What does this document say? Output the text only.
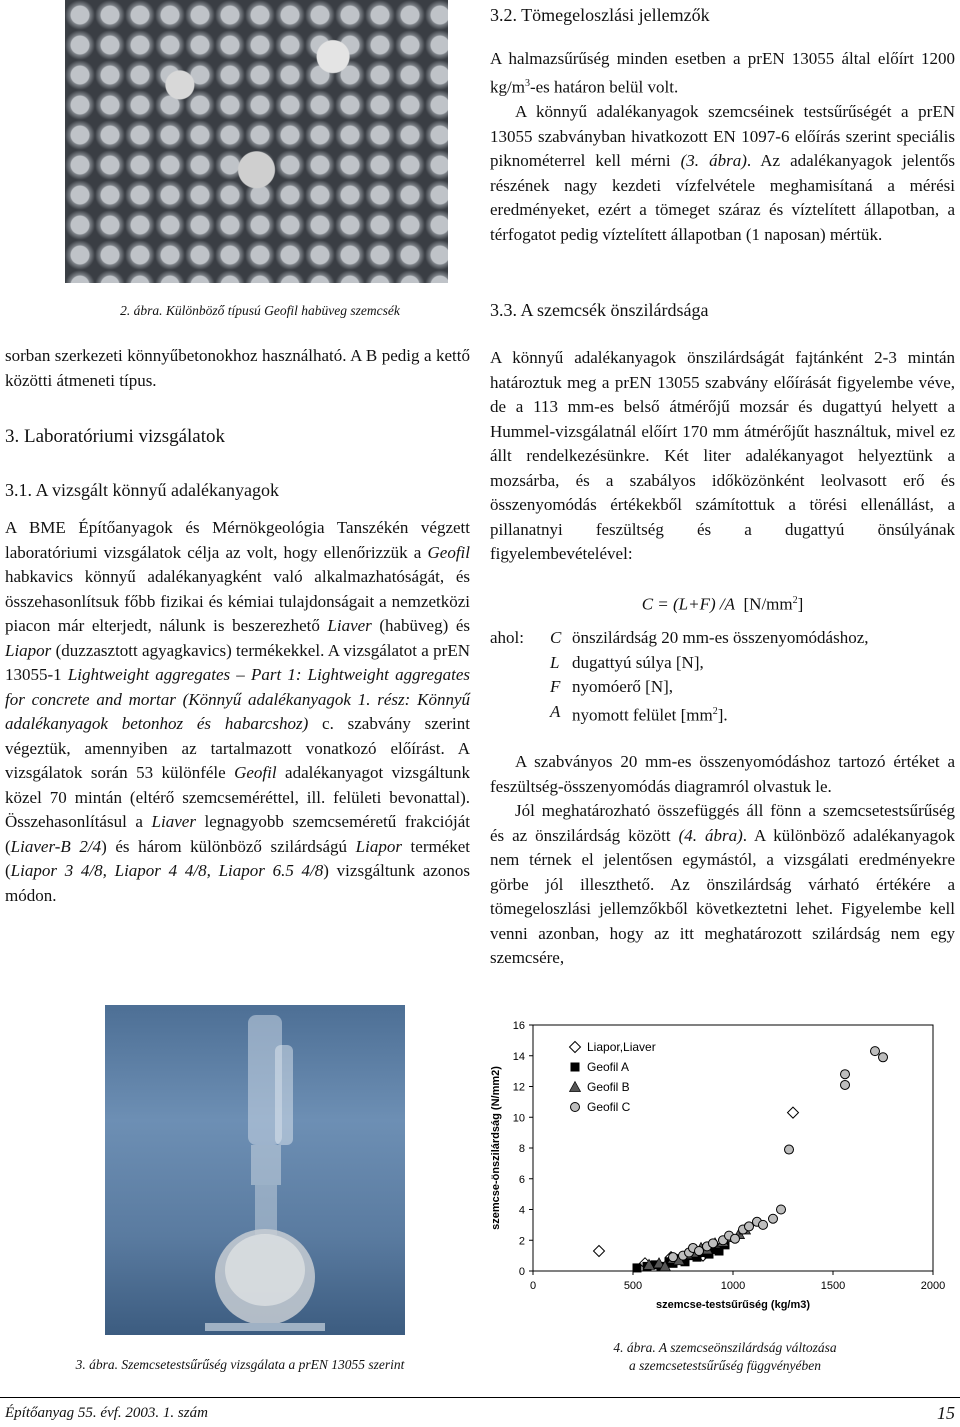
2. ábra. Különböző típusú Geofil habüveg szemcsék
sorban szerkezeti könnyűbetonokhoz használható. A B pedig a kettő közötti átmeneti típus.
3. Laboratóriumi vizsgálatok
3.1. A vizsgált könnyű adalékanyagok
A BME Építőanyagok és Mérnökgeológia Tanszékén végzett laboratóriumi vizsgálatok célja az volt, hogy ellenőrizzük a Geofil habkavics könnyű adalékanyagként való alkalmazhatóságát, és összehasonlítsuk főbb fizikai és kémiai tulajdonságait a nemzetközi piacon már elterjedt, nálunk is beszerezhető Liaver (habüveg) és Liapor (duzzasztott agyagkavics) termékekkel. A vizsgálatot a prEN 13055-1 Lightweight aggregates – Part 1: Lightweight aggregates for concrete and mortar (Könnyű adalékanyagok 1. rész: Könnyű adalékanyagok betonhoz és habarcshoz) c. szabvány szerint végeztük, amennyiben az tartalmazott vonatkozó előírást. A vizsgálatok során 53 különféle Geofil adalékanyagot vizsgáltunk közel 70 mintán (eltérő szemcseméréttel, ill. felületi bevonattal). Összehasonlításul a Liaver legnagyobb szemcseméretű frakcióját (Liaver-B 2/4) és három különböző szilárdságú Liapor terméket (Liapor 3 4/8, Liapor 4 4/8, Liapor 6.5 4/8) vizsgáltunk azonos módon.
3. ábra. Szemcsetestsűrűség vizsgálata a prEN 13055 szerint
3.2. Tömegeloszlási jellemzők
A halmazsűrűség minden esetben a prEN 13055 által előírt 1200 $kg/m^3-es$ határon belül volt.
A könnyű adalékanyagok szemcséinek testsűrűségét a prEN 13055 szabványban hivatkozott EN 1097-6 előírás szerint speciális piknométerrel kell mérni (3. ábra). Az adalékanyagok jelentős részének nagy kezdeti vízfelvétele meghamisítaná a mérési eredményeket, ezért a tömeget száraz és víztelített állapotban, a térfogatot pedig víztelített állapotban (1 naposan) mértük.
3.3. A szemcsék önszilárdsága
A könnyű adalékanyagok önszilárdságát fajtánként 2-3 mintán határoztuk meg a prEN 13055 szabvány előírását figyelembe véve, de a 113 mm-es belső átmérőjű mozsár és dugattyú helyett a Hummel-vizsgálatnál előírt 170 mm átmérőjűt használtuk, mivel ez állt rendelkezésünkre. Két liter adalékanyagot helyeztünk a mozsárba, és a szabályos időközönként leolvasott erő és összenyomódás értékekből számítottuk a törési ellenállást, a pillanatnyi feszültség és a dugattyú önsúlyának figyelembevételével:
C = (L+F) /A $[N/mm^2]$
ahol:	C	önszilárdság 20 mm-es összenyomódáshoz,
	L	dugattyú súlya [N],
	F	nyomóerő [N],
	A	nyomott felület $[mm^2]$.
A szabványos 20 mm-es összenyomódáshoz tartozó értéket a feszültség-összenyomódás diagramról olvastuk le.
Jól meghatározható összefüggés áll fönn a szemcsetestsűrűség és az önszilárdság között (4. ábra). A különböző adalékanyagok nem térnek el jelentősen egymástól, a vizsgálati eredményekre görbe jól illeszthető. Az önszilárdság várható értékére a tömegeloszlási jellemzőkből következtetni lehet. Figyelembe kell venni azonban, hogy az itt meghatározott szilárdság nem egy szemcsére,
0
2
4
6
8
10
12
14
16
0	500	1000	1500	2000
szemcse-testsűrűség (kg/m3)
szemcse-önszilárdság (N/mm2)
Liapor,Liaver
Geofil A
Geofil B
Geofil C
4. ábra. A szemcseönszilárdság változása
a szemcsetestsűrűség függvényében
Építőanyag 55. évf. 2003. 1. szám	15
